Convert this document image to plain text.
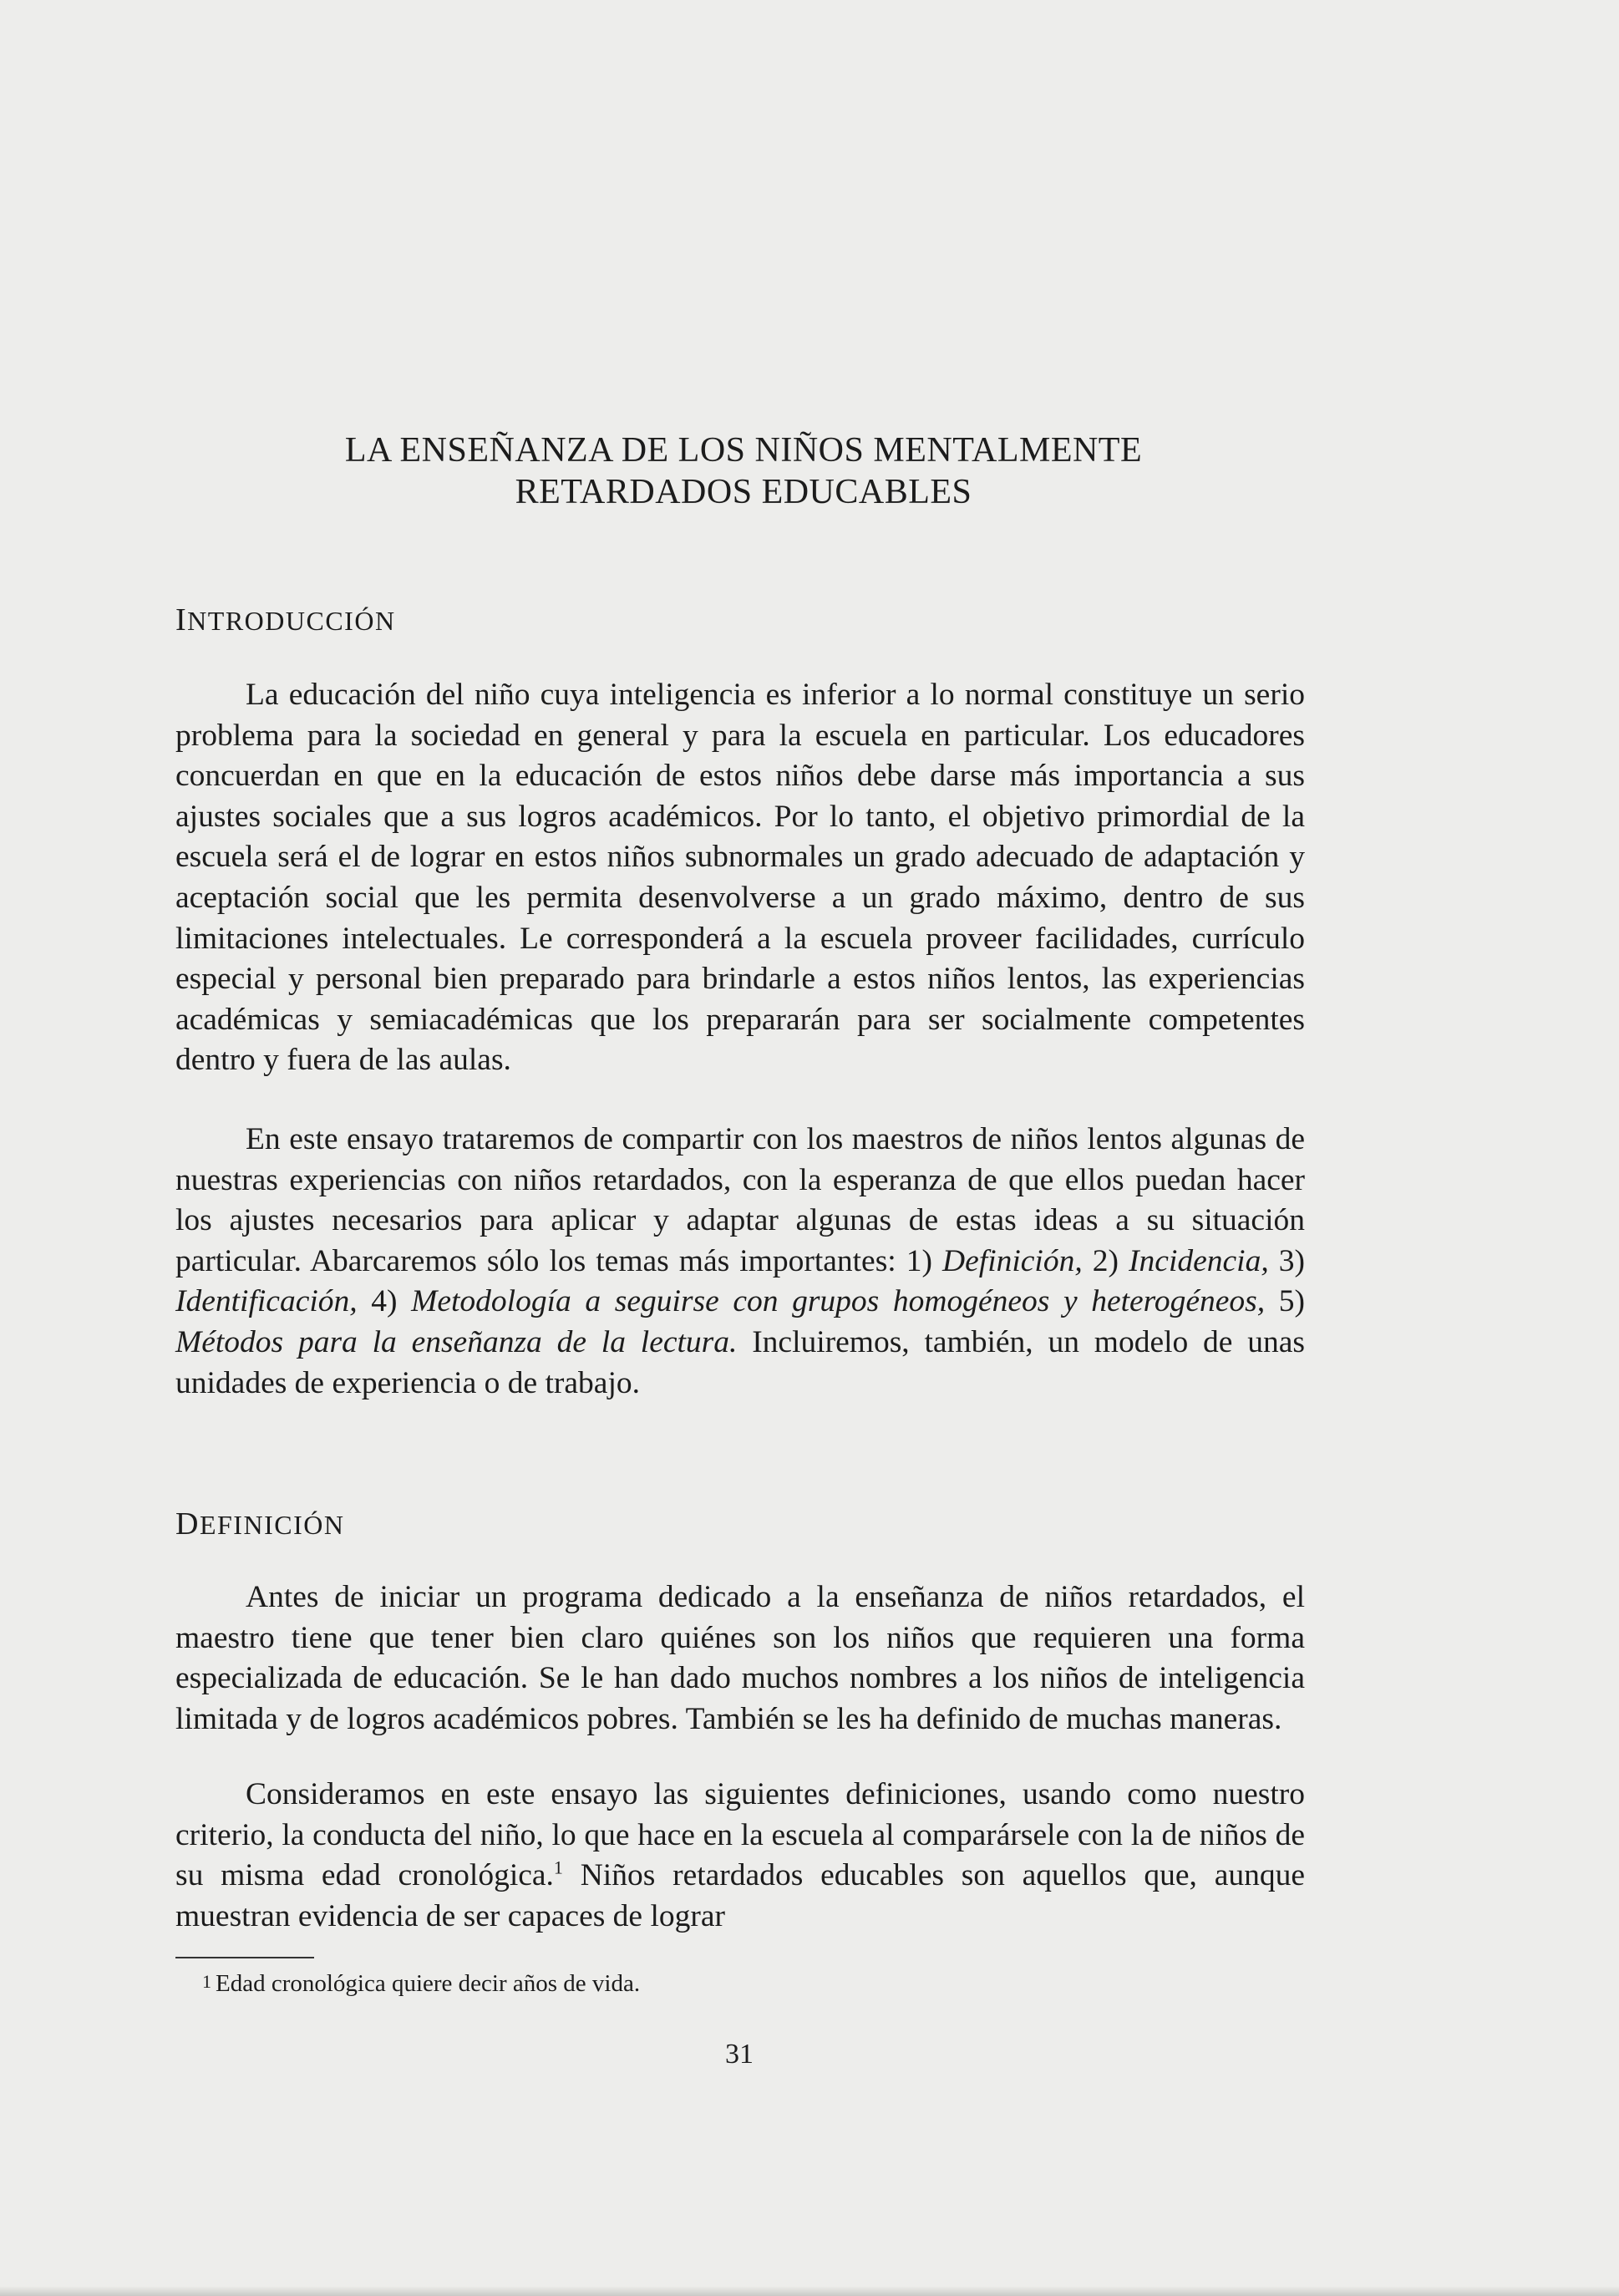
LA ENSEÑANZA DE LOS NIÑOS MENTALMENTE
RETARDADOS EDUCABLES
INTRODUCCIÓN

La educación del niño cuya inteligencia es inferior a lo normal constituye un serio problema para la sociedad en general y para la escuela en particular. Los educadores concuerdan en que en la educación de estos niños debe darse más importancia a sus ajustes sociales que a sus logros académicos. Por lo tanto, el objetivo primordial de la escuela será el de lograr en estos niños subnormales un grado adecuado de adaptación y aceptación social que les permita desenvolverse a un grado máximo, dentro de sus limitaciones intelectuales. Le corresponderá a la escuela proveer facilidades, currículo especial y personal bien preparado para brindarle a estos niños lentos, las experiencias académicas y semiacadémicas que los prepararán para ser socialmente competentes dentro y fuera de las aulas.

En este ensayo trataremos de compartir con los maestros de niños lentos algunas de nuestras experiencias con niños retardados, con la esperanza de que ellos puedan hacer los ajustes necesarios para aplicar y adaptar algunas de estas ideas a su situación particular. Abarcaremos sólo los temas más importantes: 1) Definición, 2) Incidencia, 3) Identificación, 4) Metodología a seguirse con grupos homogéneos y heterogéneos, 5) Métodos para la enseñanza de la lectura. Incluiremos, también, un modelo de unas unidades de experiencia o de trabajo.

DEFINICIÓN

Antes de iniciar un programa dedicado a la enseñanza de niños retardados, el maestro tiene que tener bien claro quiénes son los niños que requieren una forma especializada de educación. Se le han dado muchos nombres a los niños de inteligencia limitada y de logros académicos pobres. También se les ha definido de muchas maneras.

Consideramos en este ensayo las siguientes definiciones, usando como nuestro criterio, la conducta del niño, lo que hace en la escuela al comparársele con la de niños de su misma edad cronológica.$^1$ Niños retardados educables son aquellos que, aunque muestran evidencia de ser capaces de lograr

1 Edad cronológica quiere decir años de vida.
31
